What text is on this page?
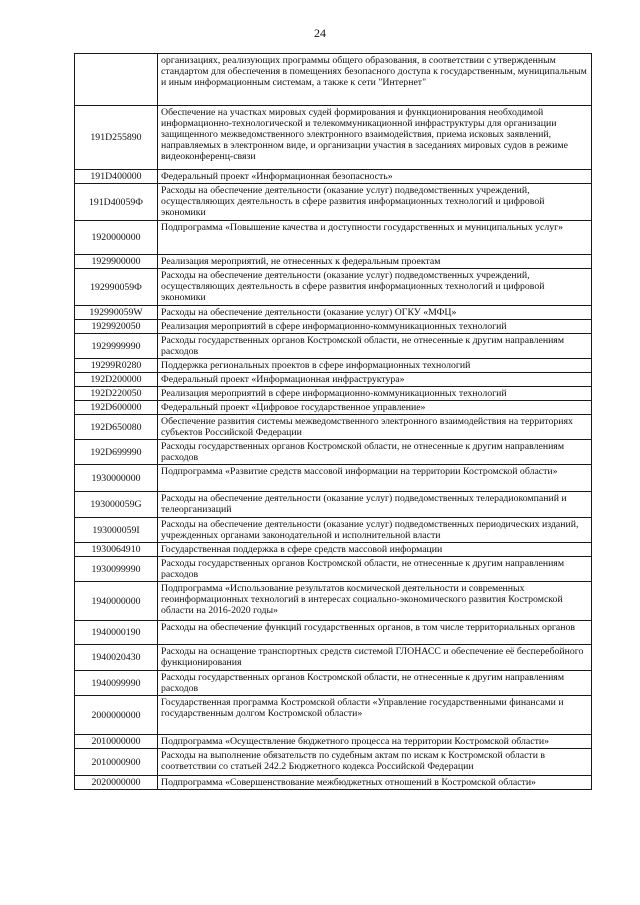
24
	организациях, реализующих программы общего образования, в соответствии с утвержденным стандартом для обеспечения в помещениях безопасного доступа к государственным, муниципальным и иным информационным системам, а также к сети "Интернет"
191D255890	Обеспечение на участках мировых судей формирования и функционирования необходимой информационно-технологической и телекоммуникационной инфраструктуры для организации защищенного межведомственного электронного взаимодействия, приема исковых заявлений, направляемых в электронном виде, и организации участия в заседаниях мировых судов в режиме видеоконференц-связи
191D400000	Федеральный проект «Информационная безопасность»
191D40059Ф	Расходы на обеспечение деятельности (оказание услуг) подведомственных учреждений, осуществляющих деятельность в сфере развития информационных технологий и цифровой экономики
1920000000	Подпрограмма «Повышение качества и доступности государственных и муниципальных услуг»
1929900000	Реализация мероприятий, не отнесенных к федеральным проектам
192990059Ф	Расходы на обеспечение деятельности (оказание услуг) подведомственных учреждений, осуществляющих деятельность в сфере развития информационных технологий и цифровой экономики
192990059W	Расходы на обеспечение деятельности (оказание услуг) ОГКУ «МФЦ»
1929920050	Реализация мероприятий в сфере информационно-коммуникационных технологий
1929999990	Расходы государственных органов Костромской области, не отнесенные к другим направлениям расходов
19299R0280	Поддержка региональных проектов в сфере информационных технологий
192D200000	Федеральный проект «Информационная инфраструктура»
192D220050	Реализация мероприятий в сфере информационно-коммуникационных технологий
192D600000	Федеральный проект «Цифровое государственное управление»
192D650080	Обеспечение развития системы межведомственного электронного взаимодействия на территориях субъектов Российской Федерации
192D699990	Расходы государственных органов Костромской области, не отнесенные к другим направлениям расходов
1930000000	Подпрограмма «Развитие средств массовой информации на территории Костромской области»
193000059G	Расходы на обеспечение деятельности (оказание услуг) подведомственных телерадиокомпаний и телеорганизаций
193000059I	Расходы на обеспечение деятельности (оказание услуг) подведомственных периодических изданий, учрежденных органами законодательной и исполнительной власти
1930064910	Государственная поддержка в сфере средств массовой информации
1930099990	Расходы государственных органов Костромской области, не отнесенные к другим направлениям расходов
1940000000	Подпрограмма «Использование результатов космической деятельности и современных геоинформационных технологий в интересах социально-экономического развития Костромской области на 2016-2020 годы»
1940000190	Расходы на обеспечение функций государственных органов, в том числе территориальных органов
1940020430	Расходы на оснащение транспортных средств системой ГЛОНАСС и обеспечение её бесперебойного функционирования
1940099990	Расходы государственных органов Костромской области, не отнесенные к другим направлениям расходов
2000000000	Государственная программа Костромской области «Управление государственными финансами и государственным долгом Костромской области»
2010000000	Подпрограмма «Осуществление бюджетного процесса на территории Костромской области»
2010000900	Расходы на выполнение обязательств по судебным актам по искам к Костромской области в соответствии со статьей 242.2 Бюджетного кодекса Российской Федерации
2020000000	Подпрограмма «Совершенствование межбюджетных отношений в Костромской области»
